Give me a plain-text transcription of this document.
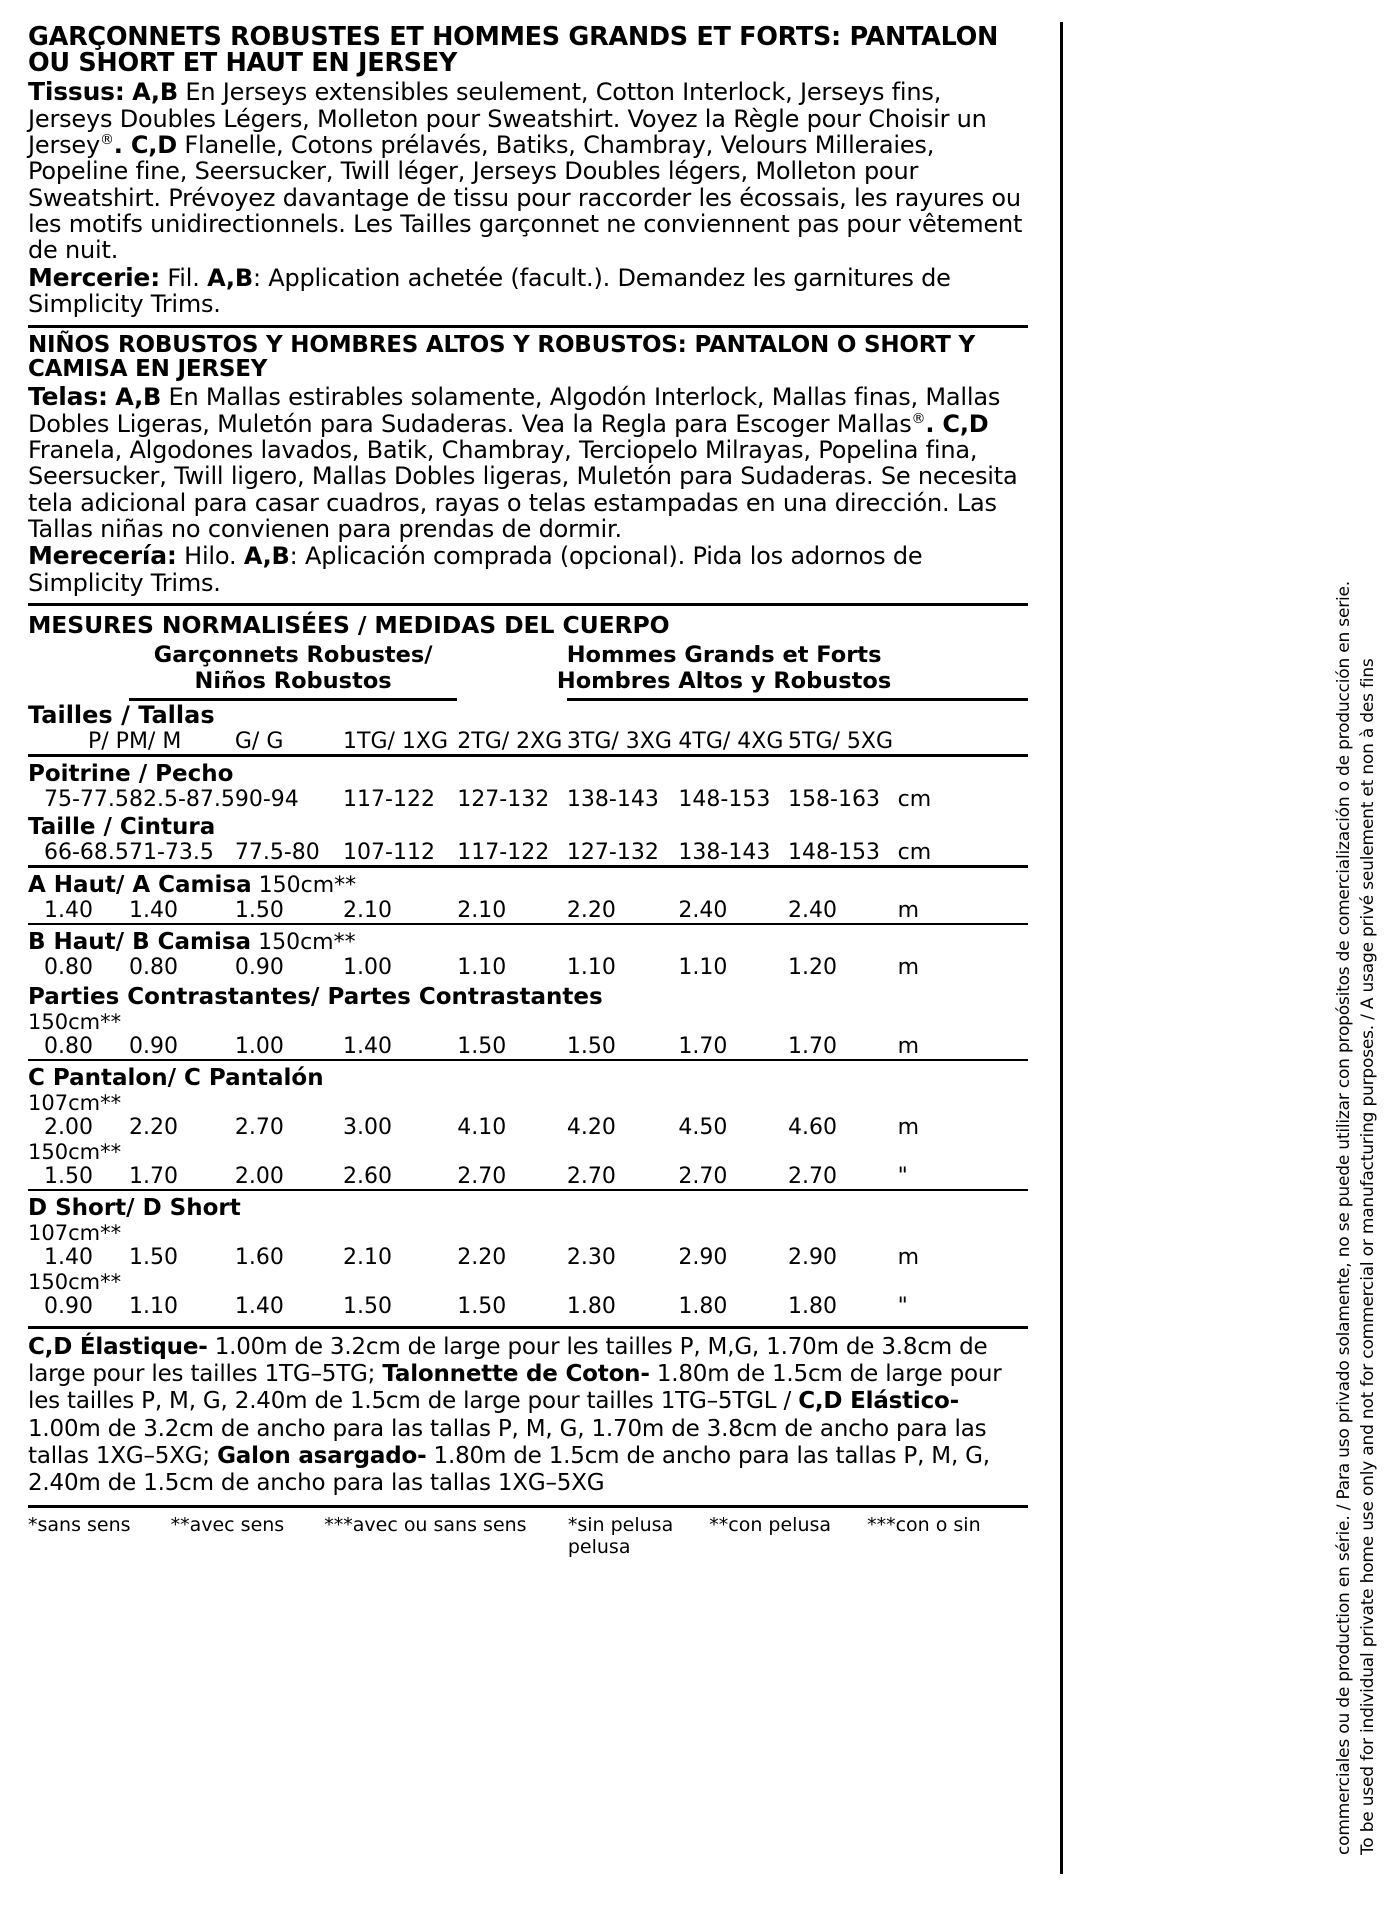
To be used for individual private home use only and not for commercial or manufacturing purposes. / A usage privé seulement et non à des fins
commerciales ou de production en série. / Para uso privado solamente, no se puede utilizar con propósitos de comercialización o de producción en serie.
GARÇONNETS ROBUSTES ET HOMMES GRANDS ET FORTS: PANTALON OU SHORT ET HAUT EN JERSEY

Tissus: A,B En Jerseys extensibles seulement, Cotton Interlock, Jerseys fins, Jerseys Doubles Légers, Molleton pour Sweatshirt. Voyez la Règle pour Choisir un Jersey®. C,D Flanelle, Cotons prélavés, Batiks, Chambray, Velours Milleraies, Popeline fine, Seersucker, Twill léger, Jerseys Doubles légers, Molleton pour Sweatshirt. Prévoyez davantage de tissu pour raccorder les écossais, les rayures ou les motifs unidirectionnels. Les Tailles garçonnet ne conviennent pas pour vêtement de nuit.

Mercerie: Fil. A,B: Application achetée (facult.). Demandez les garnitures de Simplicity Trims.

NIÑOS ROBUSTOS Y HOMBRES ALTOS Y ROBUSTOS: PANTALON O SHORT Y CAMISA EN JERSEY

Telas: A,B En Mallas estirables solamente, Algodón Interlock, Mallas finas, Mallas Dobles Ligeras, Muletón para Sudaderas. Vea la Regla para Escoger Mallas®. C,D Franela, Algodones lavados, Batik, Chambray, Terciopelo Milrayas, Popelina fina, Seersucker, Twill ligero, Mallas Dobles ligeras, Muletón para Sudaderas. Se necesita tela adicional para casar cuadros, rayas o telas estampadas en una dirección. Las Tallas niñas no convienen para prendas de dormir.

Merecería: Hilo. A,B: Aplicación comprada (opcional). Pida los adornos de Simplicity Trims.

MESURES NORMALISÉES / MEDIDAS DEL CUERPO
	Garçonnets Robustes/
Niños Robustos			Hommes Grands et Forts
Hombres Altos y Robustos						

Tailles / Tallas										
P/ P	M/ M	G/ G	1TG/ 1XG	2TG/ 2XG	3TG/ 3XG	4TG/ 4XG	5TG/ 5XG			
Poitrine / Pecho										
75-77.5	82.5-87.5	90-94	117-122	127-132	138-143	148-153	158-163	cm		
Taille / Cintura										
66-68.5	71-73.5	77.5-80	107-112	117-122	127-132	138-143	148-153	cm		
A Haut/ A Camisa 150cm**										
1.40	1.40	1.50	2.10	2.10	2.20	2.40	2.40	m		
B Haut/ B Camisa 150cm**										
0.80	0.80	0.90	1.00	1.10	1.10	1.10	1.20	m		
Parties Contrastantes/ Partes Contrastantes										
150cm**										
0.80	0.90	1.00	1.40	1.50	1.50	1.70	1.70	m		
C Pantalon/ C Pantalón										
107cm**										
2.00	2.20	2.70	3.00	4.10	4.20	4.50	4.60	m		
150cm**										
1.50	1.70	2.00	2.60	2.70	2.70	2.70	2.70	"		
D Short/ D Short										
107cm**										
1.40	1.50	1.60	2.10	2.20	2.30	2.90	2.90	m		
150cm**										
0.90	1.10	1.40	1.50	1.50	1.80	1.80	1.80	"		

C,D Élastique- 1.00m de 3.2cm de large pour les tailles P, M,G, 1.70m de 3.8cm de large pour les tailles 1TG–5TG; Talonnette de Coton- 1.80m de 1.5cm de large pour les tailles P, M, G, 2.40m de 1.5cm de large pour tailles 1TG–5TGL / C,D Elástico- 1.00m de 3.2cm de ancho para las tallas P, M, G, 1.70m de 3.8cm de ancho para las tallas 1XG–5XG; Galon asargado- 1.80m de 1.5cm de ancho para las tallas P, M, G, 2.40m de 1.5cm de ancho para las tallas 1XG–5XG

*sans sens **avec sens ***avec ou sans sens	*sin pelusa **con pelusa ***con o sin pelusa
